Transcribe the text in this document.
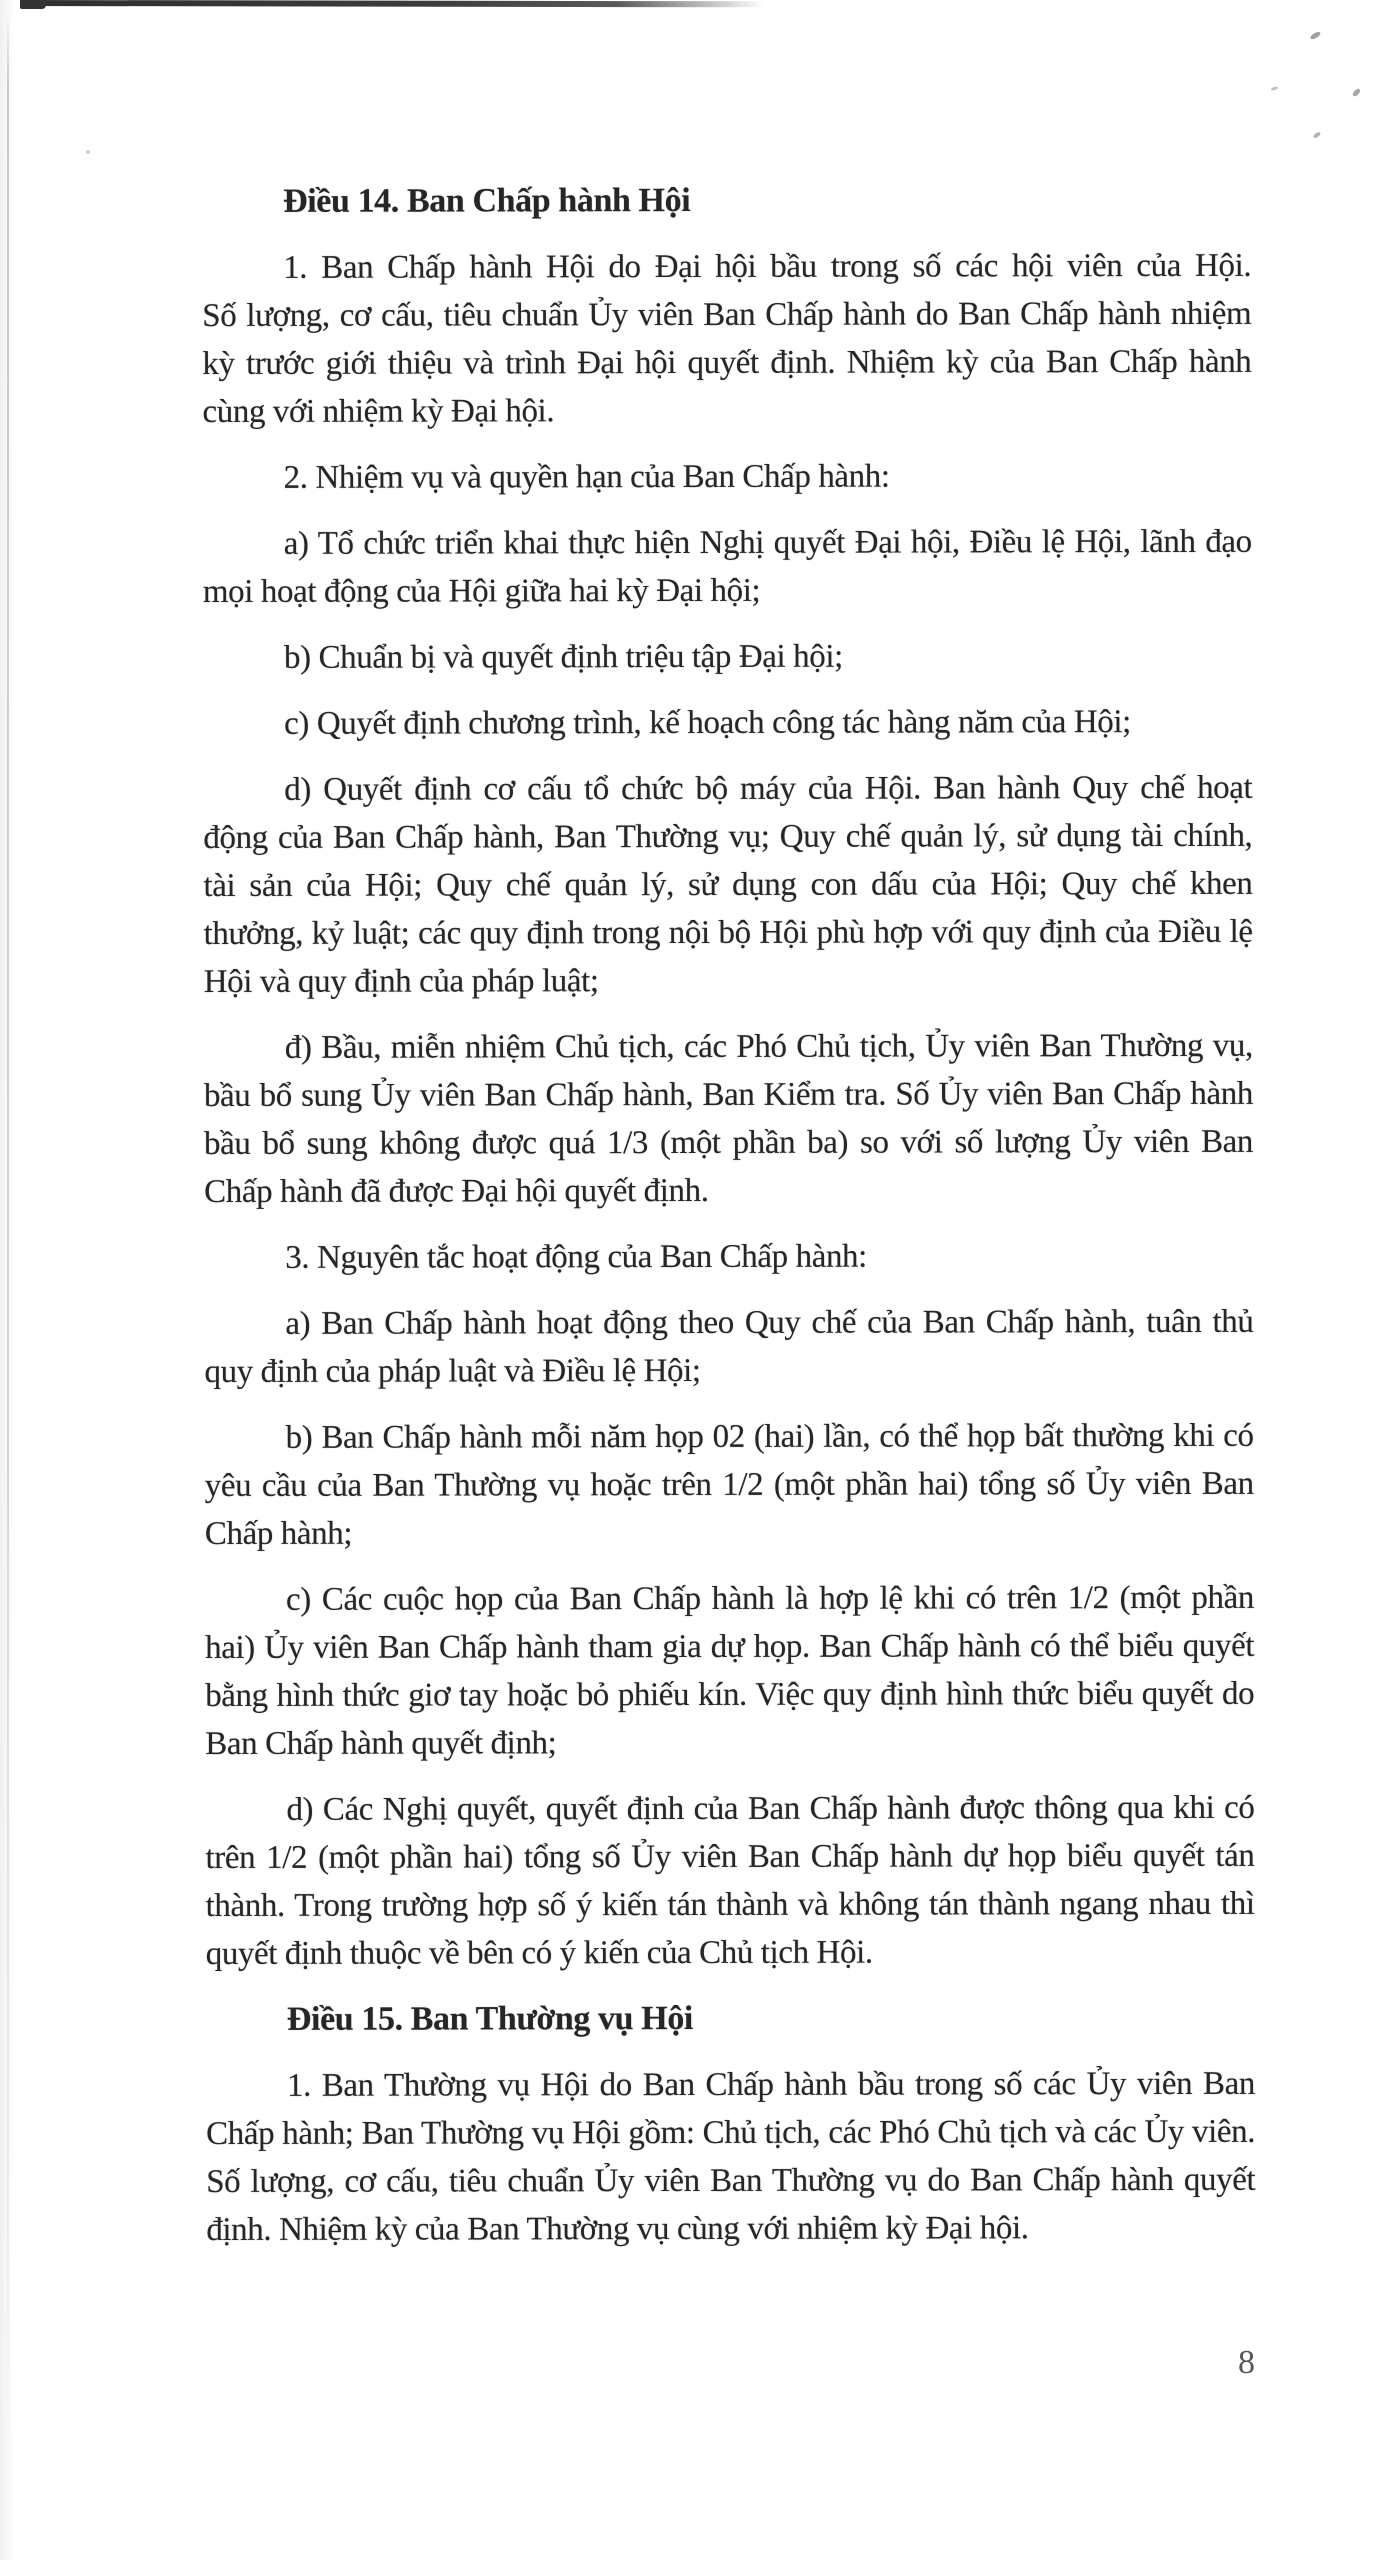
Điều 14. Ban Chấp hành Hội
1. Ban Chấp hành Hội do Đại hội bầu trong số các hội viên của Hội.
Số lượng, cơ cấu, tiêu chuẩn Ủy viên Ban Chấp hành do Ban Chấp hành nhiệm
kỳ trước giới thiệu và trình Đại hội quyết định. Nhiệm kỳ của Ban Chấp hành
cùng với nhiệm kỳ Đại hội.
2. Nhiệm vụ và quyền hạn của Ban Chấp hành:
a) Tổ chức triển khai thực hiện Nghị quyết Đại hội, Điều lệ Hội, lãnh đạo
mọi hoạt động của Hội giữa hai kỳ Đại hội;
b) Chuẩn bị và quyết định triệu tập Đại hội;
c) Quyết định chương trình, kế hoạch công tác hàng năm của Hội;
d) Quyết định cơ cấu tổ chức bộ máy của Hội. Ban hành Quy chế hoạt
động của Ban Chấp hành, Ban Thường vụ; Quy chế quản lý, sử dụng tài chính,
tài sản của Hội; Quy chế quản lý, sử dụng con dấu của Hội; Quy chế khen
thưởng, kỷ luật; các quy định trong nội bộ Hội phù hợp với quy định của Điều lệ
Hội và quy định của pháp luật;
đ) Bầu, miễn nhiệm Chủ tịch, các Phó Chủ tịch, Ủy viên Ban Thường vụ,
bầu bổ sung Ủy viên Ban Chấp hành, Ban Kiểm tra. Số Ủy viên Ban Chấp hành
bầu bổ sung không được quá 1/3 (một phần ba) so với số lượng Ủy viên Ban
Chấp hành đã được Đại hội quyết định.
3. Nguyên tắc hoạt động của Ban Chấp hành:
a) Ban Chấp hành hoạt động theo Quy chế của Ban Chấp hành, tuân thủ
quy định của pháp luật và Điều lệ Hội;
b) Ban Chấp hành mỗi năm họp 02 (hai) lần, có thể họp bất thường khi có
yêu cầu của Ban Thường vụ hoặc trên 1/2 (một phần hai) tổng số Ủy viên Ban
Chấp hành;
c) Các cuộc họp của Ban Chấp hành là hợp lệ khi có trên 1/2 (một phần
hai) Ủy viên Ban Chấp hành tham gia dự họp. Ban Chấp hành có thể biểu quyết
bằng hình thức giơ tay hoặc bỏ phiếu kín. Việc quy định hình thức biểu quyết do
Ban Chấp hành quyết định;
d) Các Nghị quyết, quyết định của Ban Chấp hành được thông qua khi có
trên 1/2 (một phần hai) tổng số Ủy viên Ban Chấp hành dự họp biểu quyết tán
thành. Trong trường hợp số ý kiến tán thành và không tán thành ngang nhau thì
quyết định thuộc về bên có ý kiến của Chủ tịch Hội.
Điều 15. Ban Thường vụ Hội
1. Ban Thường vụ Hội do Ban Chấp hành bầu trong số các Ủy viên Ban
Chấp hành; Ban Thường vụ Hội gồm: Chủ tịch, các Phó Chủ tịch và các Ủy viên.
Số lượng, cơ cấu, tiêu chuẩn Ủy viên Ban Thường vụ do Ban Chấp hành quyết
định. Nhiệm kỳ của Ban Thường vụ cùng với nhiệm kỳ Đại hội.
8
